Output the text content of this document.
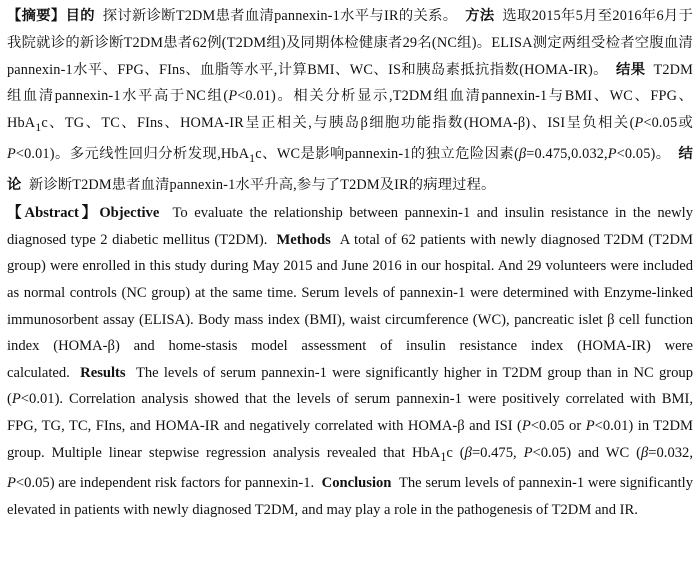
【摘要】目的 探讨新诊断T2DM患者血清pannexin-1水平与IR的关系。 方法 选取2015年5月至2016年6月于我院就诊的新诊断T2DM患者62例(T2DM组)及同期体检健康者29名(NC组)。ELISA测定两组受检者空腹血清pannexin-1水平、FPG、FIns、血脂等水平,计算BMI、WC、IS和胰岛素抵抗指数(HOMA-IR)。 结果 T2DM组血清pannexin-1水平高于NC组(P<0.01)。相关分析显示,T2DM组血清pannexin-1与BMI、WC、FPG、HbA$_1$c、TG、TC、FIns、HOMA-IR呈正相关,与胰岛β细胞功能指数(HOMA-β)、ISI呈负相关(P<0.05或P<0.01)。多元线性回归分析发现,HbA$_1$c、WC是影响pannexin-1的独立危险因素(β=0.475,0.032,P<0.05)。 结论 新诊断T2DM患者血清pannexin-1水平升高,参与了T2DM及IR的病理过程。

【Abstract】Objective To evaluate the relationship between pannexin-1 and insulin resistance in the newly diagnosed type 2 diabetic mellitus (T2DM). Methods A total of 62 patients with newly diagnosed T2DM (T2DM group) were enrolled in this study during May 2015 and June 2016 in our hospital. And 29 volunteers were included as normal controls (NC group) at the same time. Serum levels of pannexin-1 were determined with Enzyme-linked immunosorbent assay (ELISA). Body mass index (BMI), waist circumference (WC), pancreatic islet β cell function index (HOMA-β) and home-stasis model assessment of insulin resistance index (HOMA-IR) were calculated. Results The levels of serum pannexin-1 were significantly higher in T2DM group than in NC group (P<0.01). Correlation analysis showed that the levels of serum pannexin-1 were positively correlated with BMI, FPG, TG, TC, FIns, and HOMA-IR and negatively correlated with HOMA-β and ISI (P<0.05 or P<0.01) in T2DM group. Multiple linear stepwise regression analysis revealed that HbA$_1$c (β=0.475, P<0.05) and WC (β=0.032, P<0.05) are independent risk factors for pannexin-1. Conclusion The serum levels of pannexin-1 were significantly elevated in patients with newly diagnosed T2DM, and may play a role in the pathogenesis of T2DM and IR.
